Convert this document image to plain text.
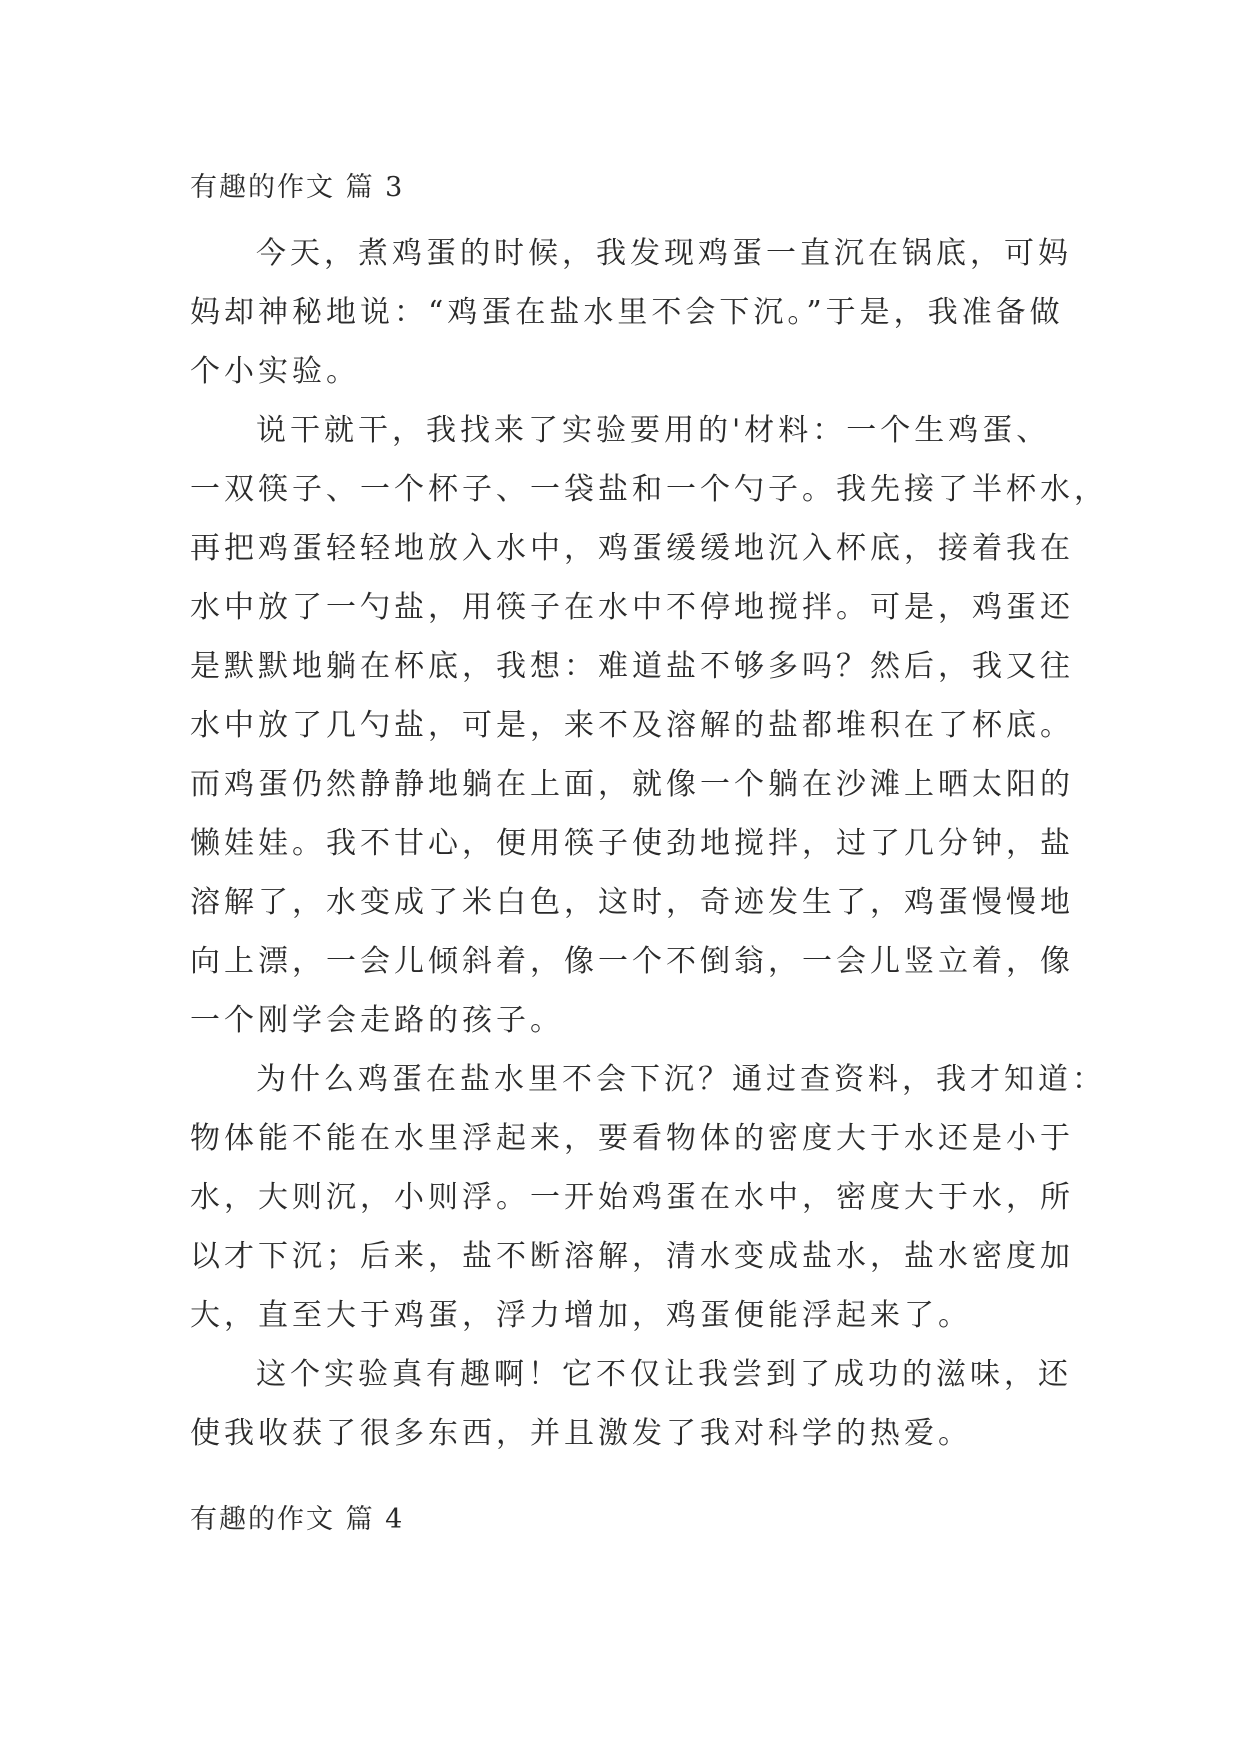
有趣的作文 篇 3
今天，煮鸡蛋的时候，我发现鸡蛋一直沉在锅底，可妈
妈却神秘地说：“鸡蛋在盐水里不会下沉。”于是，我准备做
个小实验。
说干就干，我找来了实验要用的'材料：一个生鸡蛋、
一双筷子、一个杯子、一袋盐和一个勺子。我先接了半杯水，
再把鸡蛋轻轻地放入水中，鸡蛋缓缓地沉入杯底，接着我在
水中放了一勺盐，用筷子在水中不停地搅拌。可是，鸡蛋还
是默默地躺在杯底，我想：难道盐不够多吗？然后，我又往
水中放了几勺盐，可是，来不及溶解的盐都堆积在了杯底。
而鸡蛋仍然静静地躺在上面，就像一个躺在沙滩上晒太阳的
懒娃娃。我不甘心，便用筷子使劲地搅拌，过了几分钟，盐
溶解了，水变成了米白色，这时，奇迹发生了，鸡蛋慢慢地
向上漂，一会儿倾斜着，像一个不倒翁，一会儿竖立着，像
一个刚学会走路的孩子。
为什么鸡蛋在盐水里不会下沉？通过查资料，我才知道：
物体能不能在水里浮起来，要看物体的密度大于水还是小于
水，大则沉，小则浮。一开始鸡蛋在水中，密度大于水，所
以才下沉；后来，盐不断溶解，清水变成盐水，盐水密度加
大，直至大于鸡蛋，浮力增加，鸡蛋便能浮起来了。
这个实验真有趣啊！它不仅让我尝到了成功的滋味，还
使我收获了很多东西，并且激发了我对科学的热爱。
有趣的作文 篇 4
